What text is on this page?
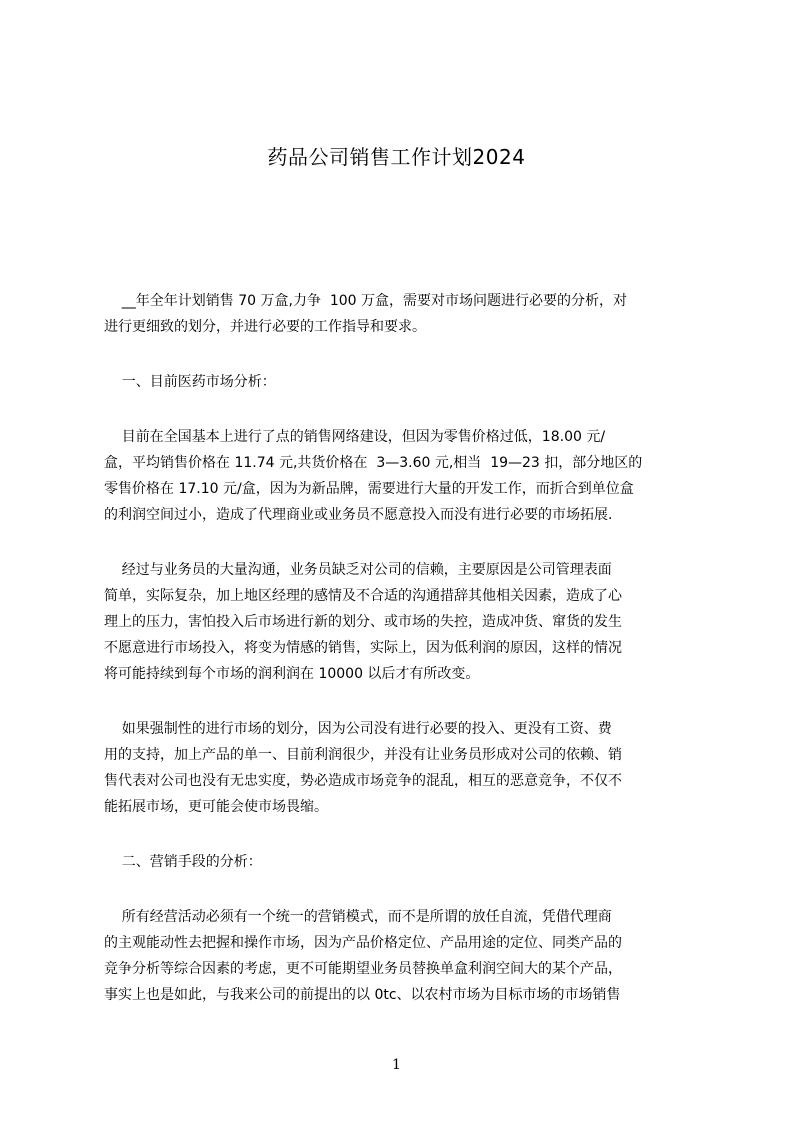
药品公司销售工作计划2024
__年全年计划销售 70 万盒,力争  100 万盒，需要对市场问题进行必要的分析，对
进行更细致的划分，并进行必要的工作指导和要求。
一、目前医药市场分析：
目前在全国基本上进行了点的销售网络建设，但因为零售价格过低，18.00 元/
盒，平均销售价格在 11.74 元,共货价格在  3—3.60 元,相当  19—23 扣，部分地区的
零售价格在 17.10 元/盒，因为为新品牌，需要进行大量的开发工作，而折合到单位盒
的利润空间过小，造成了代理商业或业务员不愿意投入而没有进行必要的市场拓展.
经过与业务员的大量沟通，业务员缺乏对公司的信赖，主要原因是公司管理表面
简单，实际复杂，加上地区经理的感情及不合适的沟通措辞其他相关因素，造成了心
理上的压力，害怕投入后市场进行新的划分、或市场的失控，造成冲货、窜货的发生
不愿意进行市场投入，将变为情感的销售，实际上，因为低利润的原因，这样的情况
将可能持续到每个市场的润利润在 10000 以后才有所改变。
如果强制性的进行市场的划分，因为公司没有进行必要的投入、更没有工资、费
用的支持，加上产品的单一、目前利润很少，并没有让业务员形成对公司的依赖、销
售代表对公司也没有无忠实度，势必造成市场竞争的混乱，相互的恶意竞争，不仅不
能拓展市场，更可能会使市场畏缩。
二、营销手段的分析：
所有经营活动必须有一个统一的营销模式，而不是所谓的放任自流，凭借代理商
的主观能动性去把握和操作市场，因为产品价格定位、产品用途的定位、同类产品的
竞争分析等综合因素的考虑，更不可能期望业务员替换单盒利润空间大的某个产品，
事实上也是如此，与我来公司的前提出的以 0tc、以农村市场为目标市场的市场销售
1
